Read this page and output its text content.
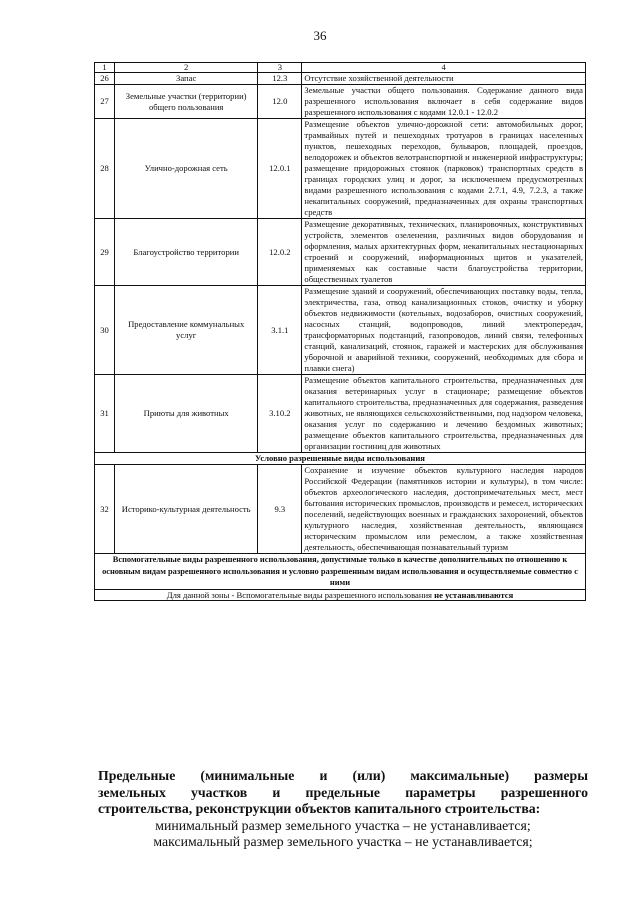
36
1	2	3	4
26	Запас	12.3	Отсутствие хозяйственной деятельности
27	Земельные участки (территории) общего пользования	12.0	Земельные участки общего пользования. Содержание данного вида разрешенного использования включает в себя содержание видов разрешенного использования с кодами 12.0.1 - 12.0.2
28	Улично-дорожная сеть	12.0.1	Размещение объектов улично-дорожной сети: автомобильных дорог, трамвайных путей и пешеходных тротуаров в границах населенных пунктов, пешеходных переходов, бульваров, площадей, проездов, велодорожек и объектов велотранспортной и инженерной инфраструктуры; размещение придорожных стоянок (парковок) транспортных средств в границах городских улиц и дорог, за исключением предусмотренных видами разрешенного использования с кодами 2.7.1, 4.9, 7.2.3, а также некапитальных сооружений, предназначенных для охраны транспортных средств
29	Благоустройство территории	12.0.2	Размещение декоративных, технических, планировочных, конструктивных устройств, элементов озеленения, различных видов оборудования и оформления, малых архитектурных форм, некапитальных нестационарных строений и сооружений, информационных щитов и указателей, применяемых как составные части благоустройства территории, общественных туалетов
30	Предоставление коммунальных услуг	3.1.1	Размещение зданий и сооружений, обеспечивающих поставку воды, тепла, электричества, газа, отвод канализационных стоков, очистку и уборку объектов недвижимости (котельных, водозаборов, очистных сооружений, насосных станций, водопроводов, линий электропередач, трансформаторных подстанций, газопроводов, линий связи, телефонных станций, канализаций, стоянок, гаражей и мастерских для обслуживания уборочной и аварийной техники, сооружений, необходимых для сбора и плавки снега)
31	Приюты для животных	3.10.2	Размещение объектов капитального строительства, предназначенных для оказания ветеринарных услуг в стационаре; размещение объектов капитального строительства, предназначенных для содержания, разведения животных, не являющихся сельскохозяйственными, под надзором человека, оказания услуг по содержанию и лечению бездомных животных; размещение объектов капитального строительства, предназначенных для организации гостиниц для животных
Условно разрешенные виды использования			
32	Историко-культурная деятельность	9.3	Сохранение и изучение объектов культурного наследия народов Российской Федерации (памятников истории и культуры), в том числе: объектов археологического наследия, достопримечательных мест, мест бытования исторических промыслов, производств и ремесел, исторических поселений, недействующих военных и гражданских захоронений, объектов культурного наследия, хозяйственная деятельность, являющаяся историческим промыслом или ремеслом, а также хозяйственная деятельность, обеспечивающая познавательный туризм
Вспомогательные виды разрешенного использования, допустимые только в качестве дополнительных по отношению к основным видам разрешенного использования и условно разрешенным видам использования и осуществляемые совместно с ними			
Для данной зоны - Вспомогательные виды разрешенного использования не устанавливаются			
Предельные (минимальные и (или) максимальные) размеры
земельных участков и предельные параметры разрешенного
строительства, реконструкции объектов капитального строительства:
минимальный размер земельного участка – не устанавливается;
максимальный размер земельного участка – не устанавливается;
